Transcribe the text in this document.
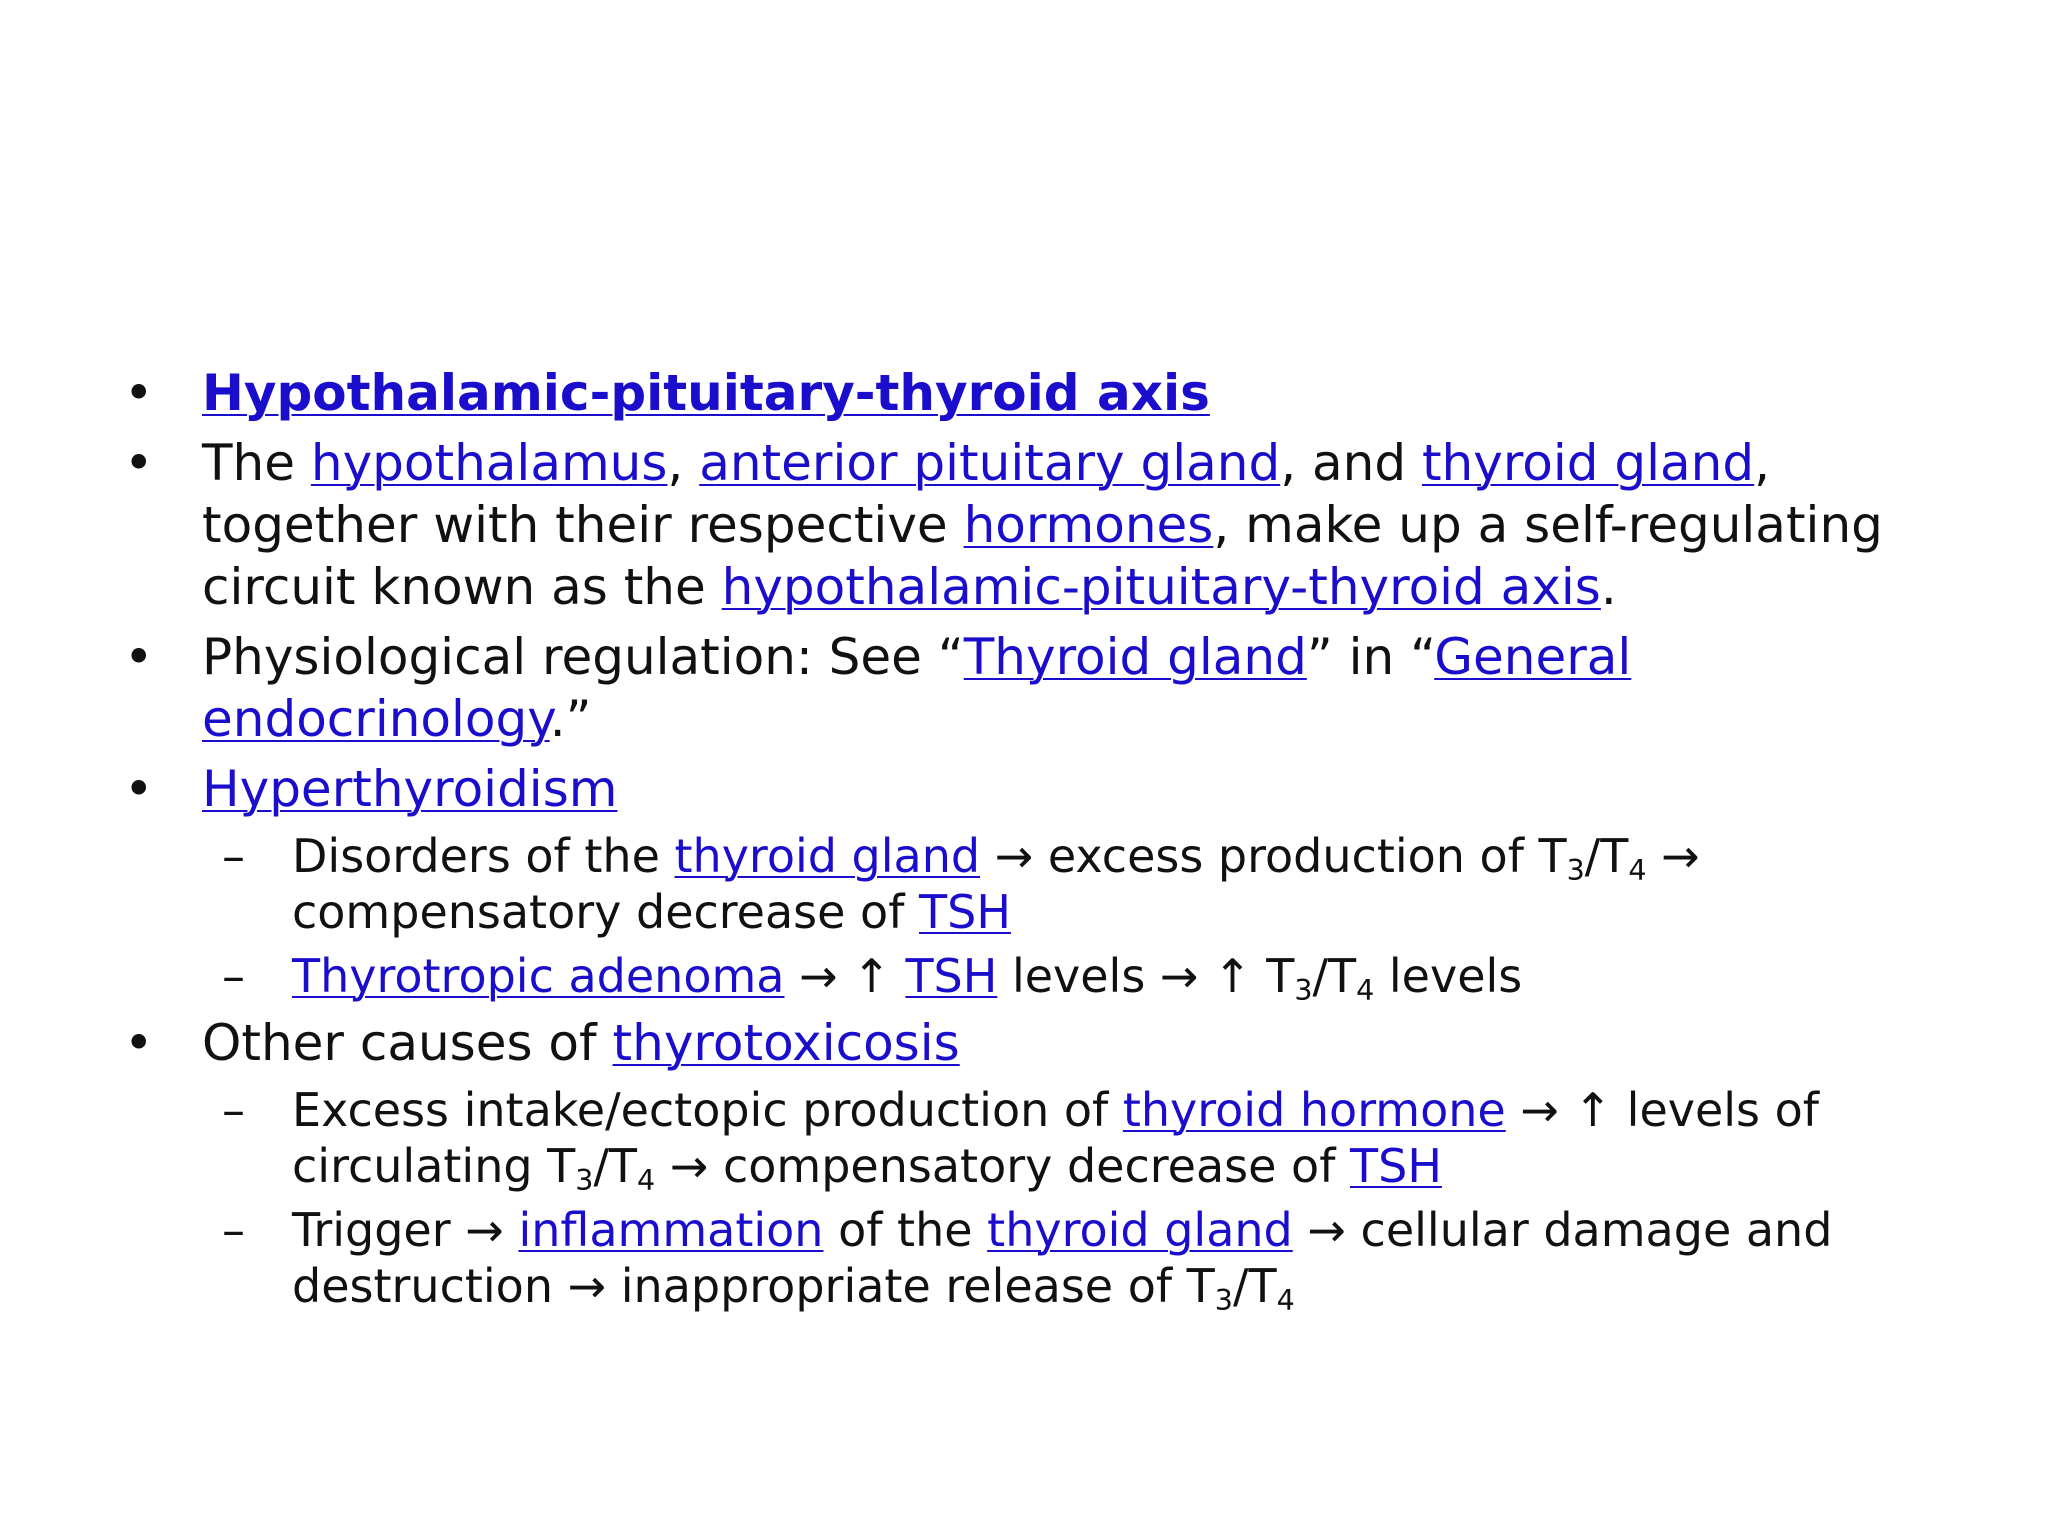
• Hypothalamic-pituitary-thyroid axis
• The hypothalamus, anterior pituitary gland, and thyroid gland, together with their respective hormones, make up a self-regulating circuit known as the hypothalamic-pituitary-thyroid axis.
• Physiological regulation: See “Thyroid gland” in “General endocrinology.”
• Hyperthyroidism
– Disorders of the thyroid gland → excess production of $T_3/T_4$ → compensatory decrease of TSH
– Thyrotropic adenoma → ↑ TSH levels → ↑ $T_3/T_4$ levels
• Other causes of thyrotoxicosis
– Excess intake/ectopic production of thyroid hormone → ↑ levels of circulating $T_3/T_4$ → compensatory decrease of TSH
– Trigger → inflammation of the thyroid gland → cellular damage and destruction → inappropriate release of $T_3/T_4$
